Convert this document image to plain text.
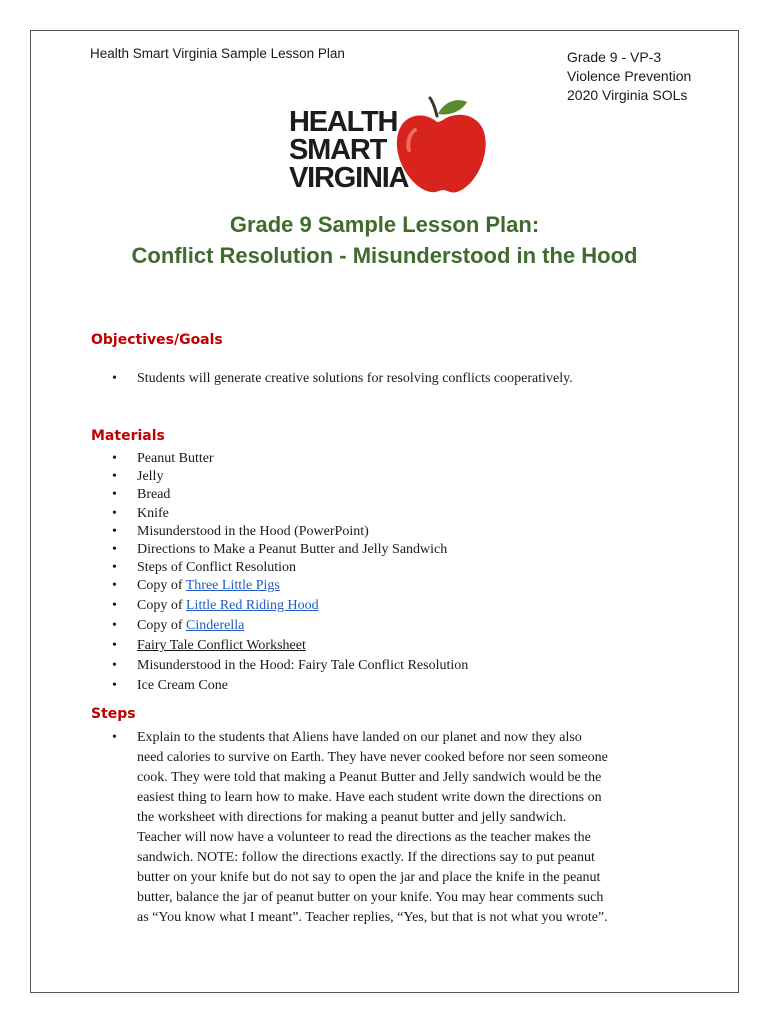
Health Smart Virginia Sample Lesson Plan	Grade 9 - VP-3
Violence Prevention
2020 Virginia SOLs
HEALTH
SMART
VIRGINIA
Grade 9 Sample Lesson Plan:
Conflict Resolution - Misunderstood in the Hood
Objectives/Goals
• Students will generate creative solutions for resolving conflicts cooperatively.
Materials
• Peanut Butter
• Jelly
• Bread
• Knife
• Misunderstood in the Hood (PowerPoint)
• Directions to Make a Peanut Butter and Jelly Sandwich
• Steps of Conflict Resolution
• Copy of Three Little Pigs
• Copy of Little Red Riding Hood
• Copy of Cinderella
• Fairy Tale Conflict Worksheet
• Misunderstood in the Hood: Fairy Tale Conflict Resolution
• Ice Cream Cone
Steps
• Explain to the students that Aliens have landed on our planet and now they also
need calories to survive on Earth. They have never cooked before nor seen someone
cook. They were told that making a Peanut Butter and Jelly sandwich would be the
easiest thing to learn how to make. Have each student write down the directions on
the worksheet with directions for making a peanut butter and jelly sandwich.
Teacher will now have a volunteer to read the directions as the teacher makes the
sandwich. NOTE: follow the directions exactly. If the directions say to put peanut
butter on your knife but do not say to open the jar and place the knife in the peanut
butter, balance the jar of peanut butter on your knife. You may hear comments such
as “You know what I meant”. Teacher replies, “Yes, but that is not what you wrote”.
